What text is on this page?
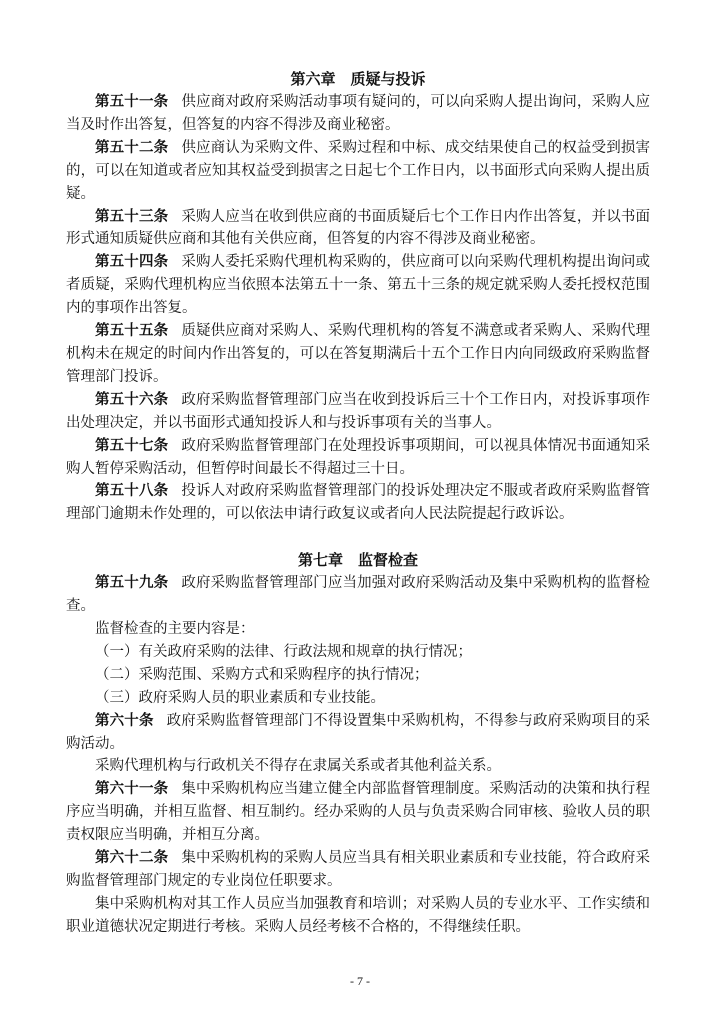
第六章　质疑与投诉

第五十一条 供应商对政府采购活动事项有疑问的，可以向采购人提出询问，采购人应当及时作出答复，但答复的内容不得涉及商业秘密。

第五十二条 供应商认为采购文件、采购过程和中标、成交结果使自己的权益受到损害的，可以在知道或者应知其权益受到损害之日起七个工作日内，以书面形式向采购人提出质疑。

第五十三条 采购人应当在收到供应商的书面质疑后七个工作日内作出答复，并以书面形式通知质疑供应商和其他有关供应商，但答复的内容不得涉及商业秘密。

第五十四条 采购人委托采购代理机构采购的，供应商可以向采购代理机构提出询问或者质疑，采购代理机构应当依照本法第五十一条、第五十三条的规定就采购人委托授权范围内的事项作出答复。

第五十五条 质疑供应商对采购人、采购代理机构的答复不满意或者采购人、采购代理机构未在规定的时间内作出答复的，可以在答复期满后十五个工作日内向同级政府采购监督管理部门投诉。

第五十六条 政府采购监督管理部门应当在收到投诉后三十个工作日内，对投诉事项作出处理决定，并以书面形式通知投诉人和与投诉事项有关的当事人。

第五十七条 政府采购监督管理部门在处理投诉事项期间，可以视具体情况书面通知采购人暂停采购活动，但暂停时间最长不得超过三十日。

第五十八条 投诉人对政府采购监督管理部门的投诉处理决定不服或者政府采购监督管理部门逾期未作处理的，可以依法申请行政复议或者向人民法院提起行政诉讼。

第七章　监督检查

第五十九条 政府采购监督管理部门应当加强对政府采购活动及集中采购机构的监督检查。

监督检查的主要内容是：

（一）有关政府采购的法律、行政法规和规章的执行情况；

（二）采购范围、采购方式和采购程序的执行情况；

（三）政府采购人员的职业素质和专业技能。

第六十条 政府采购监督管理部门不得设置集中采购机构，不得参与政府采购项目的采购活动。

采购代理机构与行政机关不得存在隶属关系或者其他利益关系。

第六十一条 集中采购机构应当建立健全内部监督管理制度。采购活动的决策和执行程序应当明确，并相互监督、相互制约。经办采购的人员与负责采购合同审核、验收人员的职责权限应当明确，并相互分离。

第六十二条 集中采购机构的采购人员应当具有相关职业素质和专业技能，符合政府采购监督管理部门规定的专业岗位任职要求。

集中采购机构对其工作人员应当加强教育和培训；对采购人员的专业水平、工作实绩和职业道德状况定期进行考核。采购人员经考核不合格的，不得继续任职。

- 7 -
